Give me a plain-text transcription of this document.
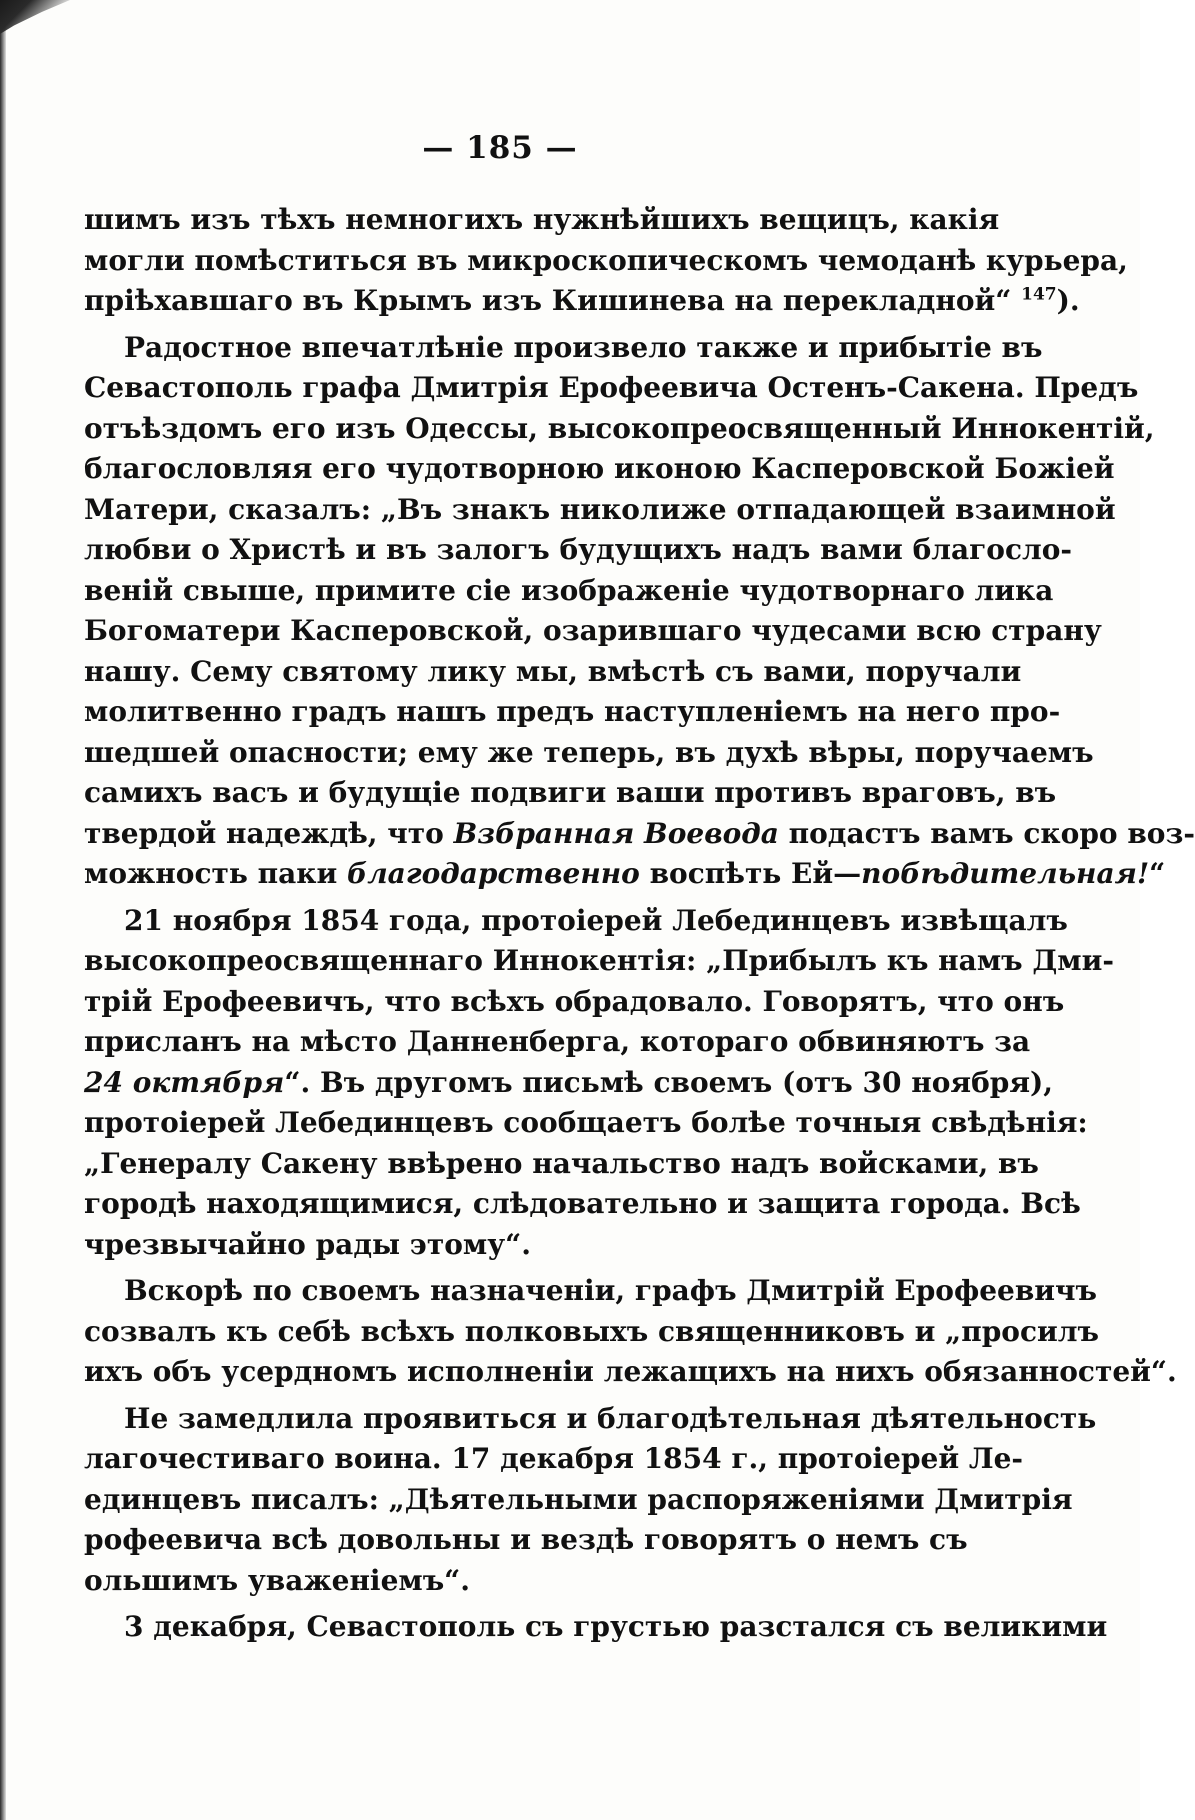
— 185 —
шимъ изъ тѣхъ немногихъ нужнѣйшихъ вещицъ, какія
могли помѣститься въ микроскопическомъ чемоданѣ курьера,
пріѣхавшаго въ Крымъ изъ Кишинева на перекладной“ $^{147}$).
Радостное впечатлѣніе произвело также и прибытіе въ
Севастополь графа Дмитрія Ерофеевича Остенъ-Сакена. Предъ
отъѣздомъ его изъ Одессы, высокопреосвященный Иннокентій,
благословляя его чудотворною иконою Касперовской Божіей
Матери, сказалъ: „Въ знакъ николиже отпадающей взаимной
любви о Христѣ и въ залогъ будущихъ надъ вами благосло-
веній свыше, примите сіе изображеніе чудотворнаго лика
Богоматери Касперовской, озарившаго чудесами всю страну
нашу. Сему святому лику мы, вмѣстѣ съ вами, поручали
молитвенно градъ нашъ предъ наступленіемъ на него про-
шедшей опасности; ему же теперь, въ духѣ вѣры, поручаемъ
самихъ васъ и будущіе подвиги ваши противъ враговъ, въ
твердой надеждѣ, что Взбранная Воевода подастъ вамъ скоро воз-
можность паки благодарственно воспѣть Ей—побѣдительная!“
21 ноября 1854 года, протоіерей Лебединцевъ извѣщалъ
высокопреосвященнаго Иннокентія: „Прибылъ къ намъ Дми-
трій Ерофеевичъ, что всѣхъ обрадовало. Говорятъ, что онъ
присланъ на мѣсто Данненберга, котораго обвиняютъ за
24 октября“. Въ другомъ письмѣ своемъ (отъ 30 ноября),
протоіерей Лебединцевъ сообщаетъ болѣе точныя свѣдѣнія:
„Генералу Сакену ввѣрено начальство надъ войсками, въ
городѣ находящимися, слѣдовательно и защита города. Всѣ
чрезвычайно рады этому“.
Вскорѣ по своемъ назначеніи, графъ Дмитрій Ерофеевичъ
созвалъ къ себѣ всѣхъ полковыхъ священниковъ и „просилъ
ихъ объ усердномъ исполненіи лежащихъ на нихъ обязанностей“.
Не замедлила проявиться и благодѣтельная дѣятельность
лагочестиваго воина. 17 декабря 1854 г., протоіерей Ле-
единцевъ писалъ: „Дѣятельными распоряженіями Дмитрія
рофеевича всѣ довольны и вездѣ говорятъ о немъ съ
ольшимъ уваженіемъ“.
3 декабря, Севастополь съ грустью разстался съ великими
